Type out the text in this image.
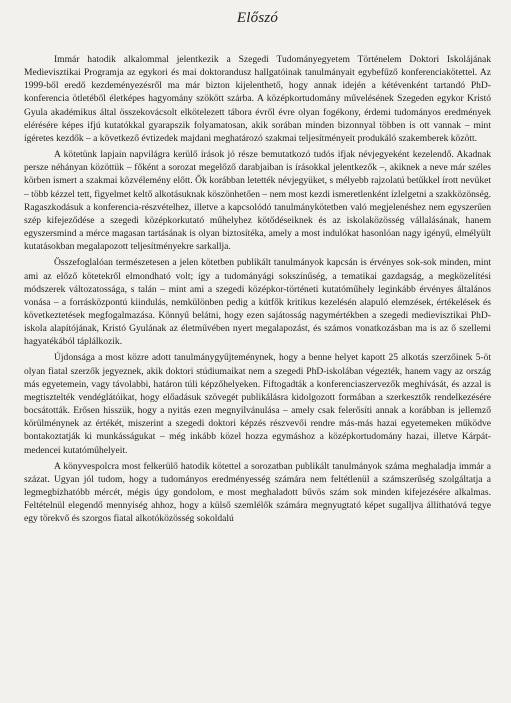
Előszó

Immár hatodik alkalommal jelentkezik a Szegedi Tudományegyetem Történelem Doktori Iskolájának Medievisztikai Programja az egykori és mai doktorandusz hallgatóinak tanulmányait egybefűző konferenciakötettel. Az 1999-ből eredő kezdeményezésről ma már bizton kijelenthető, hogy annak idején a kétévenként tartandó PhD-konferencia ötletéből életképes hagyomány szökött szárba. A középkortudomány művelésének Szegeden egykor Kristó Gyula akadémikus által összekovácsolt elkötelezett tábora évről évre olyan fogékony, érdemi tudományos eredmények elérésére képes ifjú kutatókkal gyarapszik folyamatosan, akik sorában minden bizonnyal többen is ott vannak – mint ígéretes kezdők – a következő évtizedek majdani meghatározó szakmai teljesítményeit produkáló szakemberek között.

A kötetünk lapjain napvilágra kerülő írások jó része bemutatkozó tudós ifjak névjegyeként kezelendő. Akadnak persze néhányan közöttük – főként a sorozat megelőző darabjaiban is írásokkal jelentkezők –, akiknek a neve már széles körben ismert a szakmai közvélemény előtt. Ők korábban letették névjegyüket, s mélyebb rajzolatú betűkkel írott nevüket – több kézzel tett, figyelmet keltő alkotásuknak köszönhetően – nem most kezdi ismeretlenként ízlelgetni a szakközönség. Ragaszkodásuk a konferencia-részvételhez, illetve a kapcsolódó tanulmánykötetben való megjelenéshez nem egyszerűen szép kifejeződése a szegedi középkorkutató műhelyhez kötődéseiknek és az iskolaközösség vállalásának, hanem egyszersmind a mérce magasan tartásának is olyan biztosítéka, amely a most indulókat hasonlóan nagy igényű, elmélyült kutatásokban megalapozott teljesítményekre sarkallja.

Összefoglalóan természetesen a jelen kötetben publikált tanulmányok kapcsán is érvényes sok-sok minden, mint ami az előző kötetekről elmondható volt; így a tudományági sokszínűség, a tematikai gazdagság, a megközelítési módszerek változatossága, s talán – mint ami a szegedi középkor-történeti kutatóműhely leginkább érvényes általános vonása – a forrásközpontú kiindulás, nemkülönben pedig a kútfők kritikus kezelésén alapuló elemzések, értékelések és következtetések megfogalmazása. Könnyű belátni, hogy ezen sajátosság nagymértékben a szegedi medievisztikai PhD-iskola alapítójának, Kristó Gyulának az életművében nyert megalapozást, és számos vonatkozásban ma is az ő szellemi hagyatékából táplálkozik.

Újdonsága a most közre adott tanulmánygyűjteménynek, hogy a benne helyet kapott 25 alkotás szerzőinek 5-öt olyan fiatal szerzők jegyeznek, akik doktori stúdiumaikat nem a szegedi PhD-iskolában végezték, hanem vagy az ország más egyetemein, vagy távolabbi, határon túli képzőhelyeken. Fiftogadták a konferenciaszervezők meghívását, és azzal is megtisztelték vendéglátóikat, hogy előadásuk szövegét publikálásra kidolgozott formában a szerkesztők rendelkezésére bocsátották. Erősen hisszük, hogy a nyitás ezen megnyilvánulása – amely csak felerősíti annak a korábban is jellemző körülménynek az értékét, miszerint a szegedi doktori képzés részvevői rendre más-más hazai egyetemeken működve bontakoztatják ki munkásságukat – még inkább közel hozza egymáshoz a középkortudomány hazai, illetve Kárpát-medencei kutatóműhelyeit.

A könyvespolcra most felkerülő hatodik kötettel a sorozatban publikált tanulmányok száma meghaladja immár a százat. Ugyan jól tudom, hogy a tudományos eredményesség számára nem feltétlenül a számszerűség szolgáltatja a legmegbízhatóbb mércét, mégis úgy gondolom, e most meghaladott bűvös szám sok minden kifejezésére alkalmas. Feltételnül elegendő mennyiség ahhoz, hogy a külső szemlélők számára megnyugtató képet sugalljva állíthatóvá tegye egy törekvő és szorgos fiatal alkotóközösség sokoldalú
